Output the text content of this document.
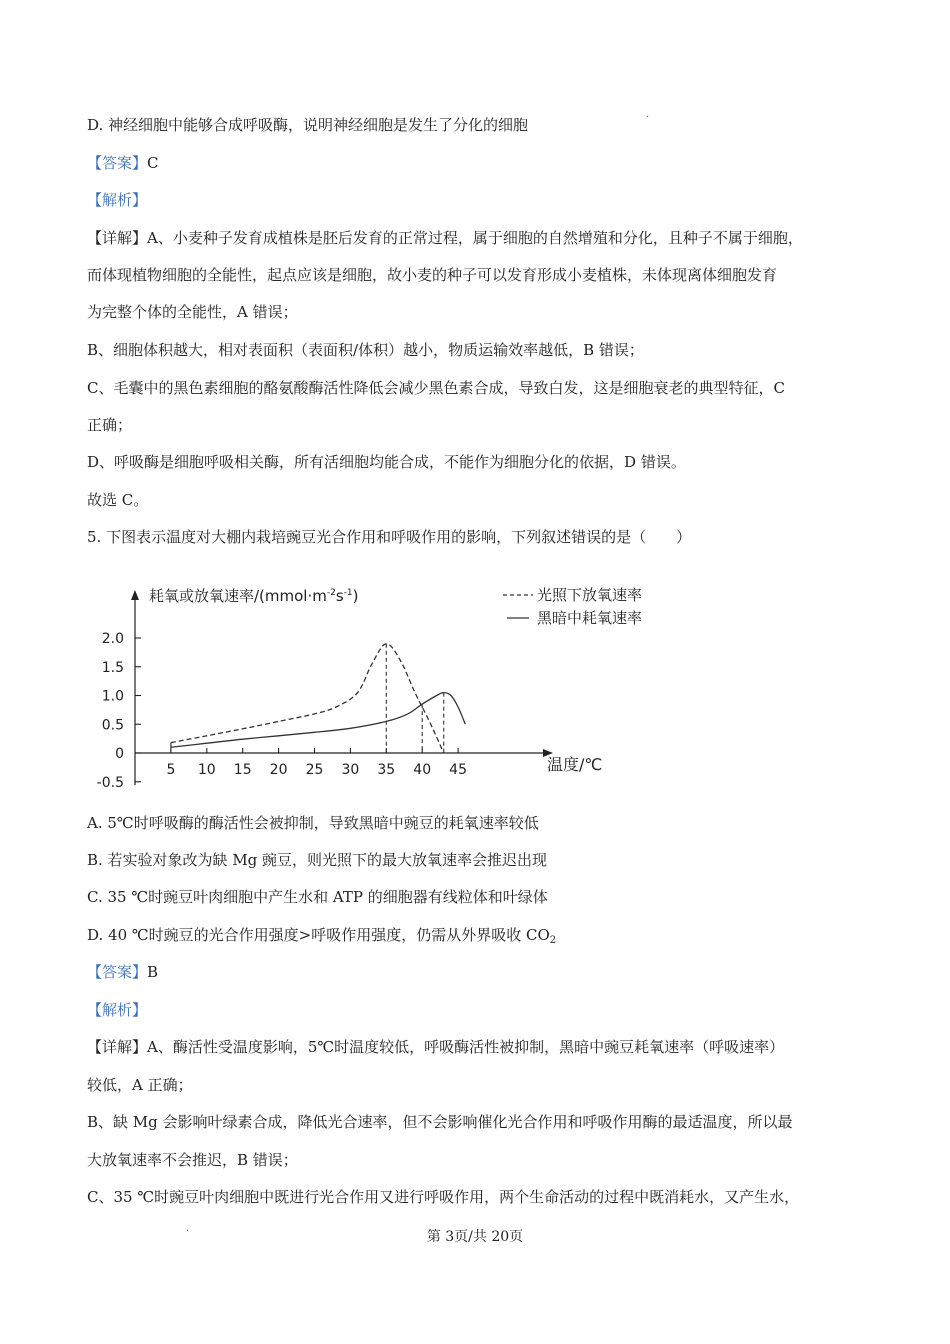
D. 神经细胞中能够合成呼吸酶，说明神经细胞是发生了分化的细胞	·
【答案】C
【解析】
【详解】A、小麦种子发育成植株是胚后发育的正常过程，属于细胞的自然增殖和分化，且种子不属于细胞，
而体现植物细胞的全能性，起点应该是细胞，故小麦的种子可以发育形成小麦植株，未体现离体细胞发育
为完整个体的全能性，A 错误；
B、细胞体积越大，相对表面积（表面积/体积）越小，物质运输效率越低，B 错误；
C、毛囊中的黑色素细胞的酪氨酸酶活性降低会减少黑色素合成，导致白发，这是细胞衰老的典型特征，C
正确；
D、呼吸酶是细胞呼吸相关酶，所有活细胞均能合成，不能作为细胞分化的依据，D 错误。
故选 C。
5. 下图表示温度对大棚内栽培豌豆光合作用和呼吸作用的影响，下列叙述错误的是（　　）
2.0
1.5
1.0
0.5
0
-0.5
5 10 15 20 25 30 35 40 45
耗氧或放氧速率$/(mmol\cdot m^{-2}s^{-1})$
温度/℃
光照下放氧速率
黑暗中耗氧速率
A. 5℃时呼吸酶的酶活性会被抑制，导致黑暗中豌豆的耗氧速率较低
B. 若实验对象改为缺 Mg 豌豆，则光照下的最大放氧速率会推迟出现
C. 35 ℃时豌豆叶肉细胞中产生水和 ATP 的细胞器有线粒体和叶绿体
D. 40 ℃时豌豆的光合作用强度>呼吸作用强度，仍需从外界吸收 $CO_2$
【答案】B
【解析】
【详解】A、酶活性受温度影响，5℃时温度较低，呼吸酶活性被抑制，黑暗中豌豆耗氧速率（呼吸速率）
较低，A 正确；
B、缺 Mg 会影响叶绿素合成，降低光合速率，但不会影响催化光合作用和呼吸作用酶的最适温度，所以最
大放氧速率不会推迟，B 错误；
C、35 ℃时豌豆叶肉细胞中既进行光合作用又进行呼吸作用，两个生命活动的过程中既消耗水，又产生水，
·	第 3页/共 20页
